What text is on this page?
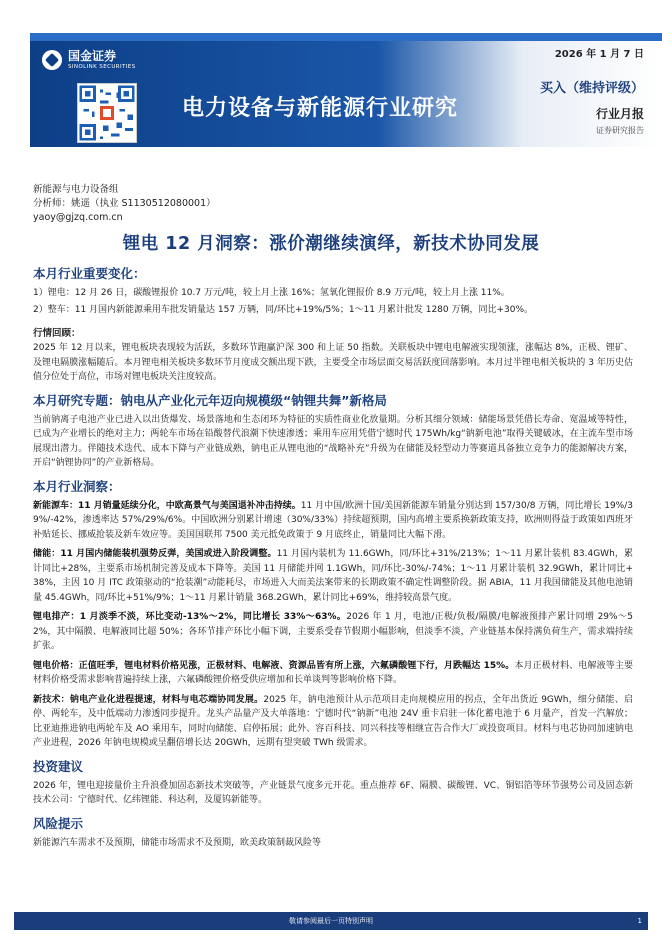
国金证券
SINOLINK SECURITIES
电力设备与新能源行业研究
2026 年 1 月 7 日
买入（维持评级）
行业月报
证券研究报告
新能源与电力设备组
分析师：姚遥（执业 S1130512080001）
yaoy@gjzq.com.cn
锂电 12 月洞察：涨价潮继续演绎，新技术协同发展
本月行业重要变化：

1）锂电：12 月 26 日，碳酸锂报价 10.7 万元/吨，较上月上涨 16%；氢氧化锂报价 8.9 万元/吨，较上月上涨 11%。

2）整车：11 月国内新能源乘用车批发销量达 157 万辆，同/环比+19%/5%；1～11 月累计批发 1280 万辆，同比+30%。

行情回顾：

2025 年 12 月以来，锂电板块表现较为活跃，多数环节跑赢沪深 300 和上证 50 指数。关联板块中锂电电解液实现领涨，涨幅达 8%，正极、锂矿、及锂电隔膜涨幅随后。本月锂电相关板块多数环节月度成交额出现下跌，主要受全市场层面交易活跃度回落影响。本月过半锂电相关板块的 3 年历史估值分位处于高位，市场对锂电板块关注度较高。

本月研究专题：钠电从产业化元年迈向规模级“钠锂共舞”新格局

当前钠离子电池产业已进入以出货爆发、场景落地和生态闭环为特征的实质性商业化放量期。分析其细分领域：储能场景凭借长寿命、宽温域等特性，已成为产业增长的绝对主力；两轮车市场在铅酸替代浪潮下快速渗透；乘用车应用凭借宁德时代 175Wh/kg“钠新电池”取得关键破冰，在主流车型市场展现出潜力。伴随技术迭代、成本下降与产业链成熟，钠电正从锂电池的“战略补充”升级为在储能及轻型动力等赛道具备独立竞争力的能源解决方案，开启“钠锂协同”的产业新格局。

本月行业洞察：

新能源车：11 月销量延续分化，中欧高景气与美国退补冲击持续。11 月中国/欧洲十国/美国新能源车销量分别达到 157/30/8 万辆，同比增长 19%/39%/-42%，渗透率达 57%/29%/6%。中国欧洲分别累计增速（30%/33%）持续超预期，国内高增主要系换新政策支持，欧洲则得益于政策如西班牙补贴延长、挪威抢装及新车效应等。美国国联邦 7500 美元抵免政策于 9 月底终止，销量同比大幅下滑。

储能：11 月国内储能装机强势反弹，美国或进入阶段调整。11 月国内装机为 11.6GWh，同/环比+31%/213%；1～11 月累计装机 83.4GWh，累计同比+28%，主要系市场机制完善及成本下降等。美国 11 月储能并网 1.1GWh，同/环比-30%/-74%；1～11 月累计装机 32.9GWh，累计同比+38%，主因 10 月 ITC 政策驱动的“抢装潮”动能耗尽，市场进入大而美法案带来的长期政策不确定性调整阶段。据 ABIA，11 月我国储能及其他电池销量 45.4GWh，同/环比+51%/9%；1～11 月累计销量 368.2GWh，累计同比+69%，维持较高景气度。

锂电排产：1 月淡季不淡，环比变动-13%～2%，同比增长 33%～63%。2026 年 1 月，电池/正极/负极/隔膜/电解液预排产累计同增 29%～52%，其中隔膜、电解液同比超 50%；各环节排产环比小幅下调，主要系受春节假期小幅影响，但淡季不淡，产业链基本保持满负荷生产，需求端持续扩张。

锂电价格：正值旺季，锂电材料价格见涨，正极材料、电解液、资源品皆有所上涨，六氟磷酸锂下行，月跌幅达 15%。本月正极材料、电解液等主要材料价格受需求影响普遍持续上涨，六氟磷酸锂价格受供应增加和长单谈判等影响价格下降。

新技术：钠电产业化进程提速，材料与电芯端协同发展。2025 年，钠电池预计从示范项目走向规模应用的拐点，全年出货近 9GWh，细分储能、启停、两轮车，及中低端动力渗透同步提升。龙头产品量产及大单落地：宁德时代“钠新”电池 24V 重卡启驻一体化蓄电池于 6 月量产，首发一汽解放；比亚迪推进钠电两轮车及 AO 乘用车，同时向储能、启停拓展；此外、容百科技、同兴科技等相继宣告合作大厂或投资项目。材料与电芯协同加速钠电产业进程，2026 年钠电规模或呈翻倍增长达 20GWh，远期有望突破 TWh 级需求。

投资建议

2026 年，锂电迎接量价主升浪叠加固态新技术突破等，产业链景气度多元开花。重点推荐 6F、隔膜、碳酸锂、VC、铜铝箔等环节强势公司及固态新技术公司：宁德时代、亿纬锂能、科达利，及厦钨新能等。

风险提示

新能源汽车需求不及预期，储能市场需求不及预期，欧美政策制裁风险等

敬请参阅最后一页特别声明	1
